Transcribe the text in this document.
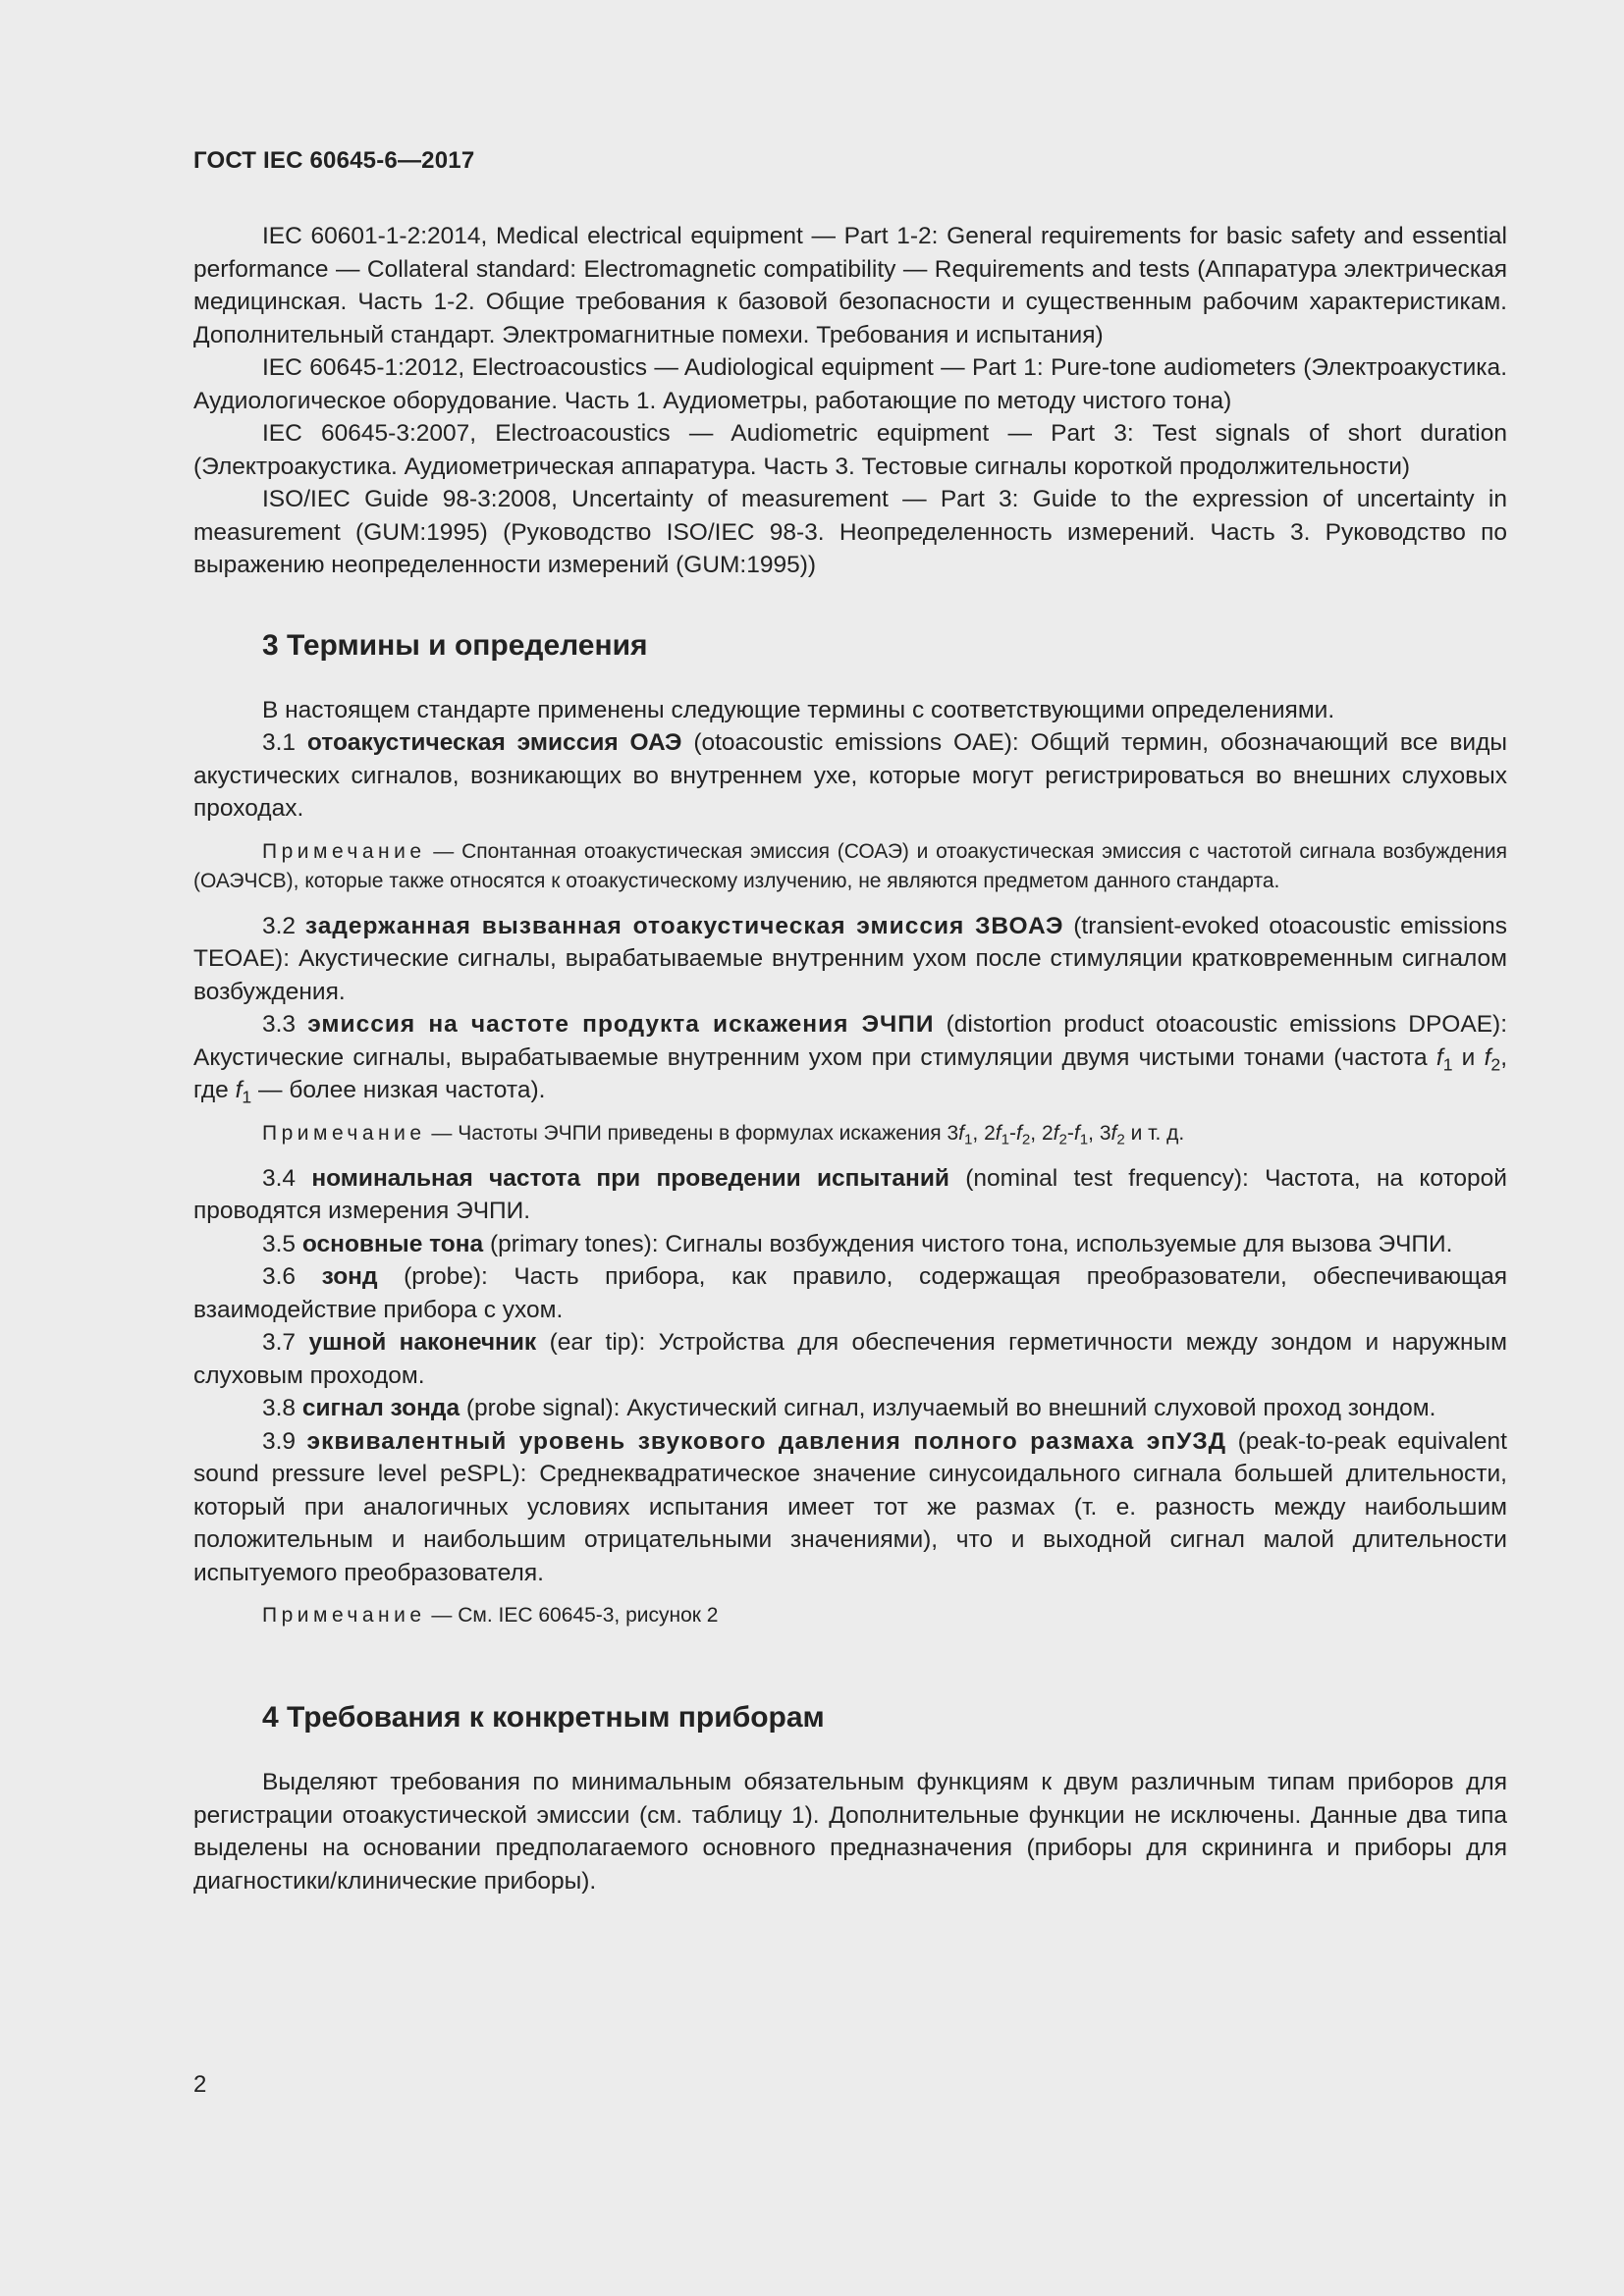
ГОСТ IEC 60645-6—2017

IEC 60601-1-2:2014, Medical electrical equipment — Part 1-2: General requirements for basic safety and essential performance — Collateral standard: Electromagnetic compatibility — Requirements and tests (Аппаратура электрическая медицинская. Часть 1-2. Общие требования к базовой безопасности и существенным рабочим характеристикам. Дополнительный стандарт. Электромагнитные помехи. Требования и испытания)

IEC 60645-1:2012, Electroacoustics — Audiological equipment — Part 1: Pure-tone audiometers (Электроакустика. Аудиологическое оборудование. Часть 1. Аудиометры, работающие по методу чистого тона)

IEC 60645-3:2007, Electroacoustics — Audiometric equipment — Part 3: Test signals of short duration (Электроакустика. Аудиометрическая аппаратура. Часть 3. Тестовые сигналы короткой продолжительности)

ISO/IEC Guide 98-3:2008, Uncertainty of measurement — Part 3: Guide to the expression of uncertainty in measurement (GUM:1995) (Руководство ISO/IEC 98-3. Неопределенность измерений. Часть 3. Руководство по выражению неопределенности измерений (GUM:1995))

3 Термины и определения

В настоящем стандарте применены следующие термины с соответствующими определениями.

3.1 отоакустическая эмиссия ОАЭ (otoacoustic emissions OAE): Общий термин, обозначающий все виды акустических сигналов, возникающих во внутреннем ухе, которые могут регистрироваться во внешних слуховых проходах.

Примечание — Спонтанная отоакустическая эмиссия (СОАЭ) и отоакустическая эмиссия с частотой сигнала возбуждения (ОАЭЧСВ), которые также относятся к отоакустическому излучению, не являются предметом данного стандарта.

3.2 задержанная вызванная отоакустическая эмиссия ЗВОАЭ (transient-evoked otoacoustic emissions TEOAE): Акустические сигналы, вырабатываемые внутренним ухом после стимуляции кратковременным сигналом возбуждения.

3.3 эмиссия на частоте продукта искажения ЭЧПИ (distortion product otoacoustic emissions DPOAE): Акустические сигналы, вырабатываемые внутренним ухом при стимуляции двумя чистыми тонами (частота $f_1$ и $f_2$, где $f_1$ — более низкая частота).

Примечание — Частоты ЭЧПИ приведены в формулах искажения $3f_1$, $2f_1-f_2$, $2f_2-f_1$, $3f_2$ и т. д.

3.4 номинальная частота при проведении испытаний (nominal test frequency): Частота, на которой проводятся измерения ЭЧПИ.

3.5 основные тона (primary tones): Сигналы возбуждения чистого тона, используемые для вызова ЭЧПИ.

3.6 зонд (probe): Часть прибора, как правило, содержащая преобразователи, обеспечивающая взаимодействие прибора с ухом.

3.7 ушной наконечник (ear tip): Устройства для обеспечения герметичности между зондом и наружным слуховым проходом.

3.8 сигнал зонда (probe signal): Акустический сигнал, излучаемый во внешний слуховой проход зондом.

3.9 эквивалентный уровень звукового давления полного размаха эпУЗД (peak-to-peak equivalent sound pressure level peSPL): Среднеквадратическое значение синусоидального сигнала большей длительности, который при аналогичных условиях испытания имеет тот же размах (т. е. разность между наибольшим положительным и наибольшим отрицательными значениями), что и выходной сигнал малой длительности испытуемого преобразователя.

Примечание — См. IEC 60645-3, рисунок 2

4 Требования к конкретным приборам

Выделяют требования по минимальным обязательным функциям к двум различным типам приборов для регистрации отоакустической эмиссии (см. таблицу 1). Дополнительные функции не исключены. Данные два типа выделены на основании предполагаемого основного предназначения (приборы для скрининга и приборы для диагностики/клинические приборы).

2
